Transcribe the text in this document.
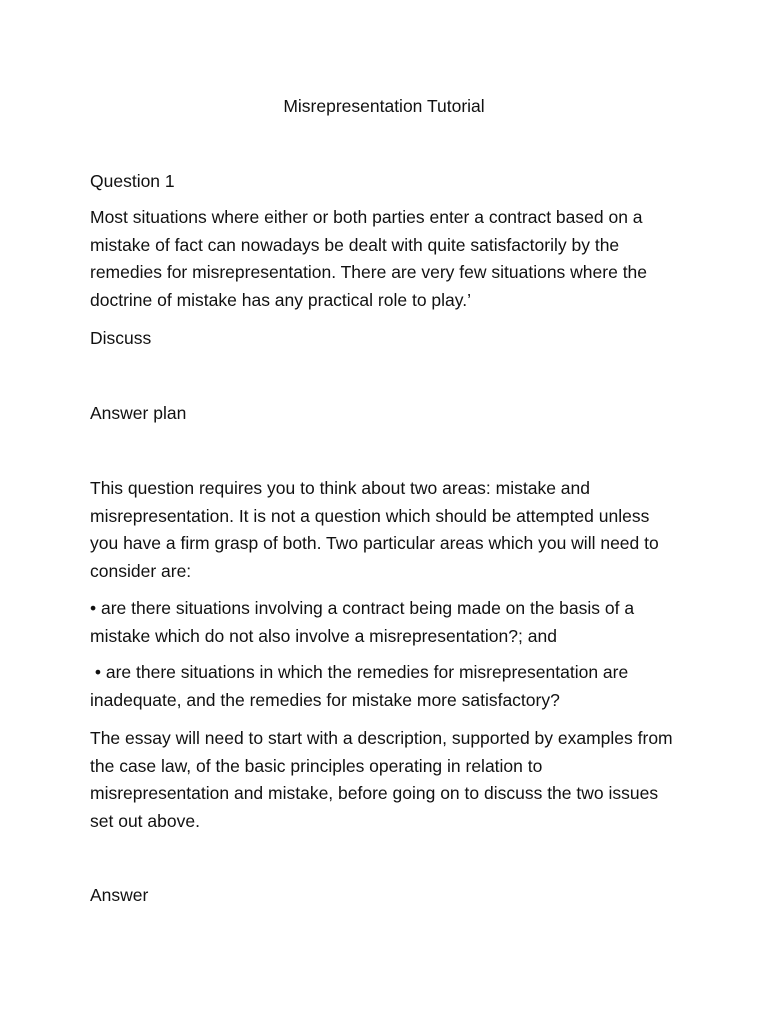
Misrepresentation Tutorial

Question 1

Most situations where either or both parties enter a contract based on a mistake of fact can nowadays be dealt with quite satisfactorily by the remedies for misrepresentation. There are very few situations where the doctrine of mistake has any practical role to play.’

Discuss

Answer plan

This question requires you to think about two areas: mistake and misrepresentation. It is not a question which should be attempted unless you have a firm grasp of both. Two particular areas which you will need to consider are:

• are there situations involving a contract being made on the basis of a mistake which do not also involve a misrepresentation?; and

• are there situations in which the remedies for misrepresentation are inadequate, and the remedies for mistake more satisfactory?

The essay will need to start with a description, supported by examples from the case law, of the basic principles operating in relation to misrepresentation and mistake, before going on to discuss the two issues set out above.

Answer
